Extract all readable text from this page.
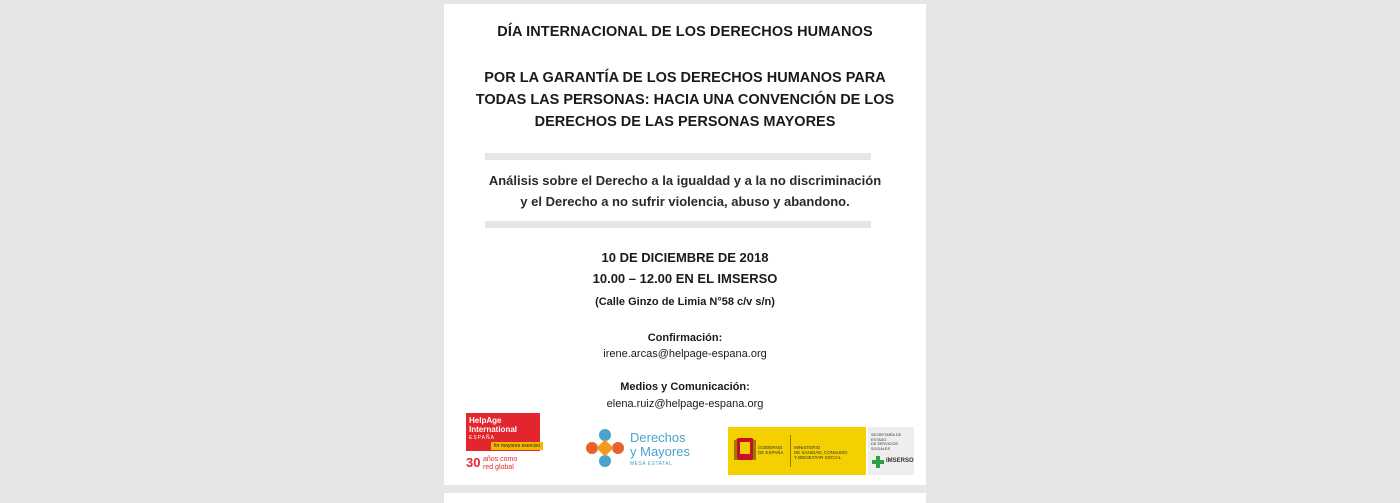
DÍA INTERNACIONAL DE LOS DERECHOS HUMANOS
POR LA GARANTÍA DE LOS DERECHOS HUMANOS PARA
TODAS LAS PERSONAS: HACIA UNA CONVENCIÓN DE LOS
DERECHOS DE LAS PERSONAS MAYORES
Análisis sobre el Derecho a la igualdad y a la no discriminación
y el Derecho a no sufrir violencia, abuso y abandono.
10 DE DICIEMBRE DE 2018
10.00 – 12.00 EN EL IMSERSO
(Calle Ginzo de Limia N°58 c/v s/n)
Confirmación:
irene.arcas@helpage-espana.org
Medios y Comunicación:
elena.ruiz@helpage-espana.org
HelpAge
International
ESPAÑA
for mayores exerciso
30 años como
red global
Derechos
y Mayores
MESA ESTATAL
GOBIERNO
DE ESPAÑA
MINISTERIO
DE SANIDAD, CONSUMO
Y BIENESTAR SOCIAL
SECRETARÍA DE ESTADO
DE SERVICIOS SOCIALES
IMSERSO
